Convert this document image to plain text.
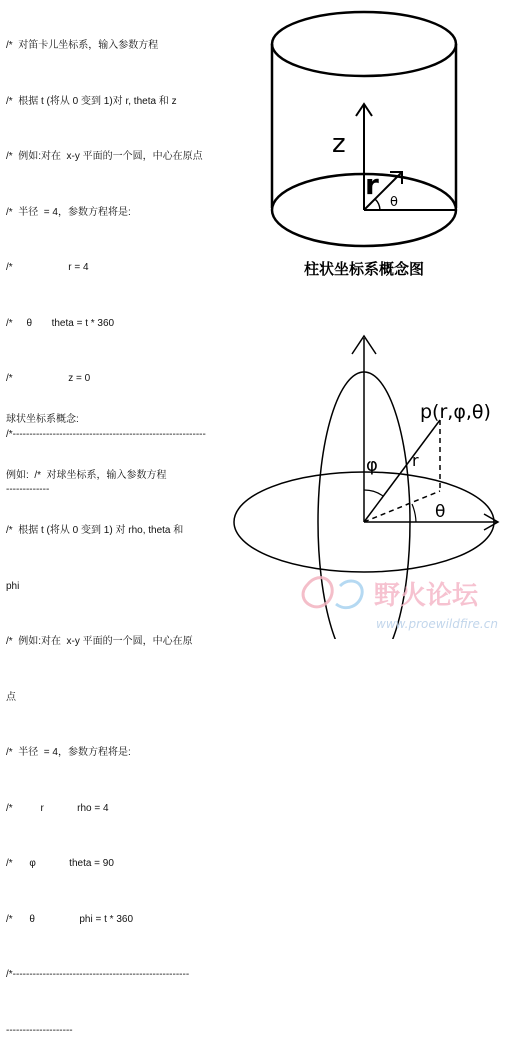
/*  对笛卡儿坐标系，输入参数方程

/*  根据 t (将从 0 变到 1)对 r, theta 和 z

/*  例如:对在  x-y 平面的一个圆，中心在原点

/*  半径  = 4，参数方程将是:

/*                    r = 4

/*     θ       theta = t * 360

/*                    z = 0

/*----------------------------------------------------------

-------------

z
r
θ
柱状坐标系概念图

球状坐标系概念:

例如:  /*  对球坐标系，输入参数方程

/*  根据 t (将从 0 变到 1) 对 rho, theta 和

phi

/*  例如:对在  x-y 平面的一个圆，中心在原

点

/*  半径  = 4，参数方程将是:

/*          r            rho = 4

/*      φ            theta = 90

/*      θ                phi = t * 360

/*-----------------------------------------------------

--------------------

p(r,φ,θ)
r
φ
θ
野火论坛
www.proewildfire.cn
